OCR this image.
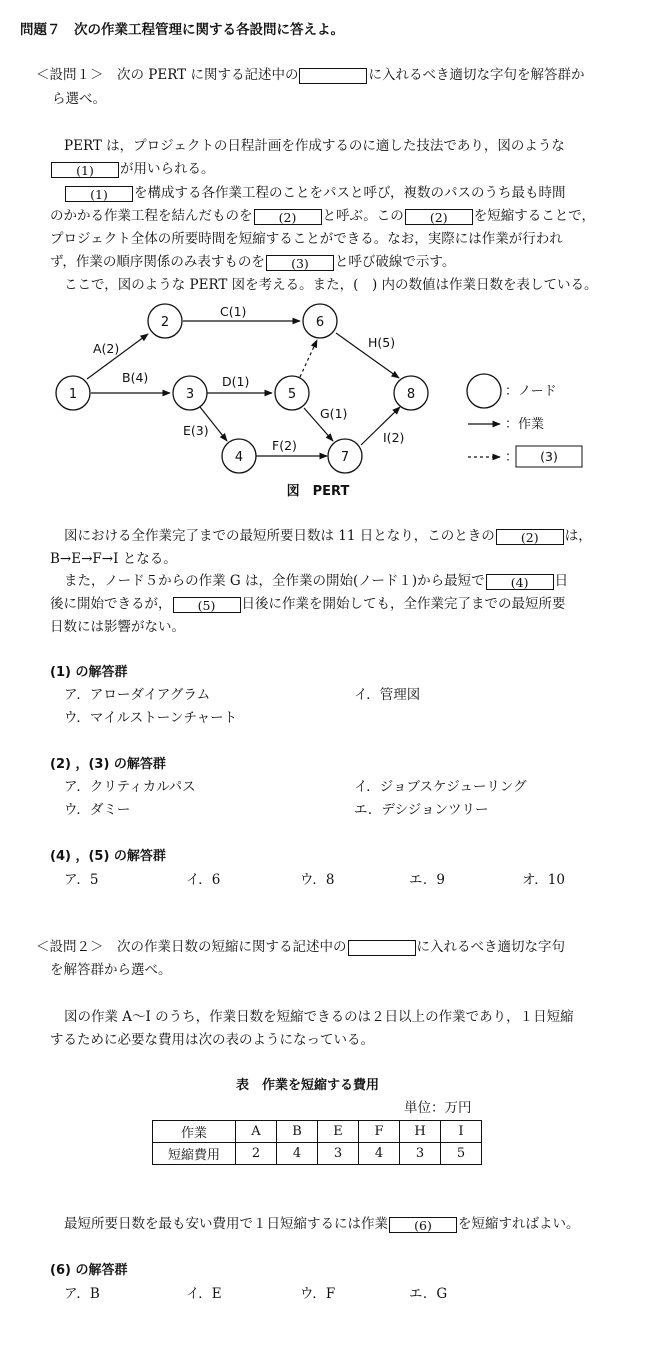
問題７　次の作業工程管理に関する各設問に答えよ。
＜設問１＞　次の PERT に関する記述中の	に入れるべき適切な字句を解答群か
ら選べ。
PERT は，プロジェクトの日程計画を作成するのに適した技法であり，図のような
(1) が用いられる。
(1) を構成する各作業工程のことをパスと呼び，複数のパスのうち最も時間
のかかる作業工程を結んだものを (2) と呼ぶ。この (2) を短縮することで，
プロジェクト全体の所要時間を短縮することができる。なお，実際には作業が行われ
ず，作業の順序関係のみ表すものを (3) と呼び破線で示す。
ここで，図のような PERT 図を考える。また，(　) 内の数値は作業日数を表している。
A(2)
B(4)
C(1)
D(1)
E(3)
F(2)
G(1)
H(5)
I(2)
1
2
3
4
5
6
7
8	：ノード
：作業
： (3)
図　PERT
図における全作業完了までの最短所要日数は 11 日となり，このときの (2) は，
B→E→F→I となる。
また，ノード５からの作業 G は，全作業の開始(ノード１)から最短で (4) 日
後に開始できるが， (5) 日後に作業を開始しても，全作業完了までの最短所要
日数には影響がない。
(1) の解答群
ア．アローダイアグラム	イ．管理図
ウ．マイルストーンチャート
(2) ，(3) の解答群
ア．クリティカルパス	イ．ジョブスケジューリング
ウ．ダミー	エ．デシジョンツリー
(4) ，(5) の解答群
ア．5	イ．6	ウ．8	エ．9	オ．10
＜設問２＞　次の作業日数の短縮に関する記述中の	に入れるべき適切な字句
を解答群から選べ。
図の作業 A〜I のうち，作業日数を短縮できるのは２日以上の作業であり，１日短縮
するために必要な費用は次の表のようになっている。
表　作業を短縮する費用
単位：万円
作業	A	B	E	F	H	I
短縮費用	2	4	3	4	3	5
最短所要日数を最も安い費用で１日短縮するには作業 (6) を短縮すればよい。
(6) の解答群
ア．B	イ．E	ウ．F	エ．G
